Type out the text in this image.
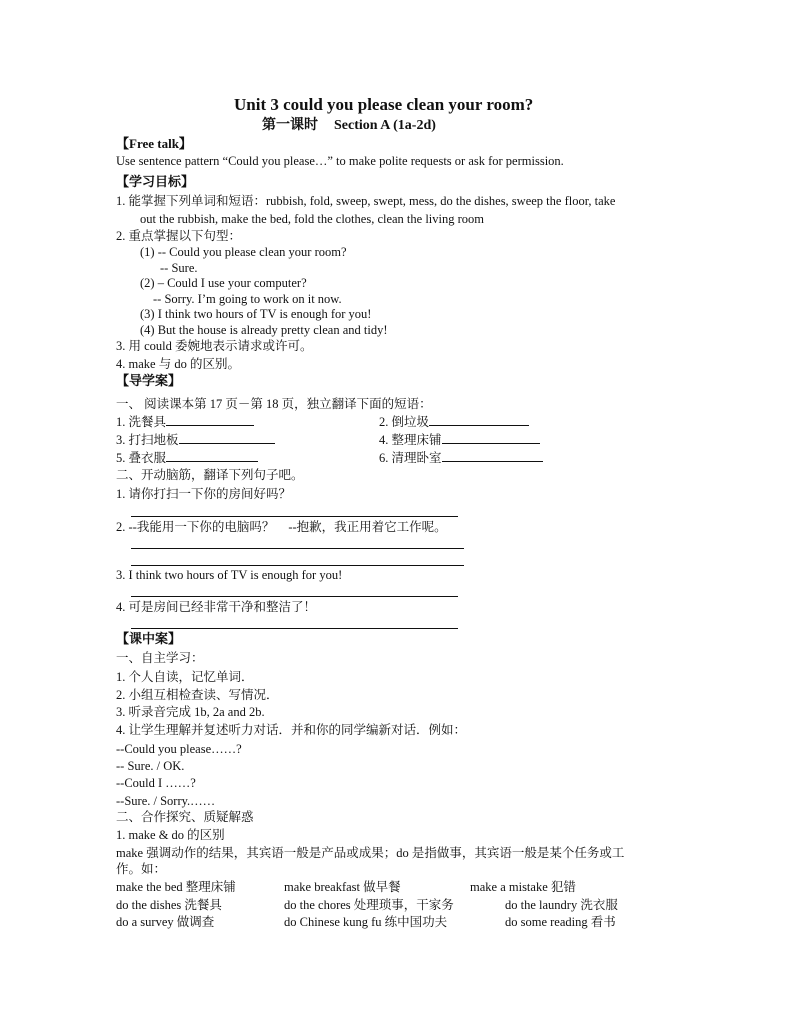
Unit 3 could you please clean your room?
第一课时 Section A (1a-2d)
【Free talk】
Use sentence pattern “Could you please…” to make polite requests or ask for permission.
【学习目标】
1. 能掌握下列单词和短语：rubbish, fold, sweep, swept, mess, do the dishes, sweep the floor, take
out the rubbish, make the bed, fold the clothes, clean the living room
2. 重点掌握以下句型：
(1) -- Could you please clean your room?
-- Sure.
(2) – Could I use your computer?
-- Sorry. I’m going to work on it now.
(3) I think two hours of TV is enough for you!
(4) But the house is already pretty clean and tidy!
3. 用 could 委婉地表示请求或许可。
4. make 与 do 的区别。
【导学案】
一、 阅读课本第 17 页－第 18 页，独立翻译下面的短语：
1. 洗餐具	2. 倒垃圾
3. 打扫地板	4. 整理床铺
5. 叠衣服	6. 清理卧室
二、开动脑筋，翻译下列句子吧。
1. 请你打扫一下你的房间好吗？
2. --我能用一下你的电脑吗？ --抱歉，我正用着它工作呢。
3. I think two hours of TV is enough for you!
4. 可是房间已经非常干净和整洁了！
【课中案】
一、自主学习：
1. 个人自读，记忆单词．
2. 小组互相检查读、写情况．
3. 听录音完成 1b, 2a and 2b.
4. 让学生理解并复述听力对话．并和你的同学编新对话．例如：
--Could you please……?
-- Sure. / OK.
--Could I ……?
--Sure. / Sorry.……
二、合作探究、质疑解惑
1. make & do 的区别
make 强调动作的结果，其宾语一般是产品或成果；do 是指做事，其宾语一般是某个任务或工
作。如：
make the bed 整理床铺	make breakfast 做早餐	make a mistake 犯错
do the dishes 洗餐具	do the chores 处理琐事，干家务	do the laundry 洗衣服
do a survey 做调查	do Chinese kung fu 练中国功夫	do some reading 看书
